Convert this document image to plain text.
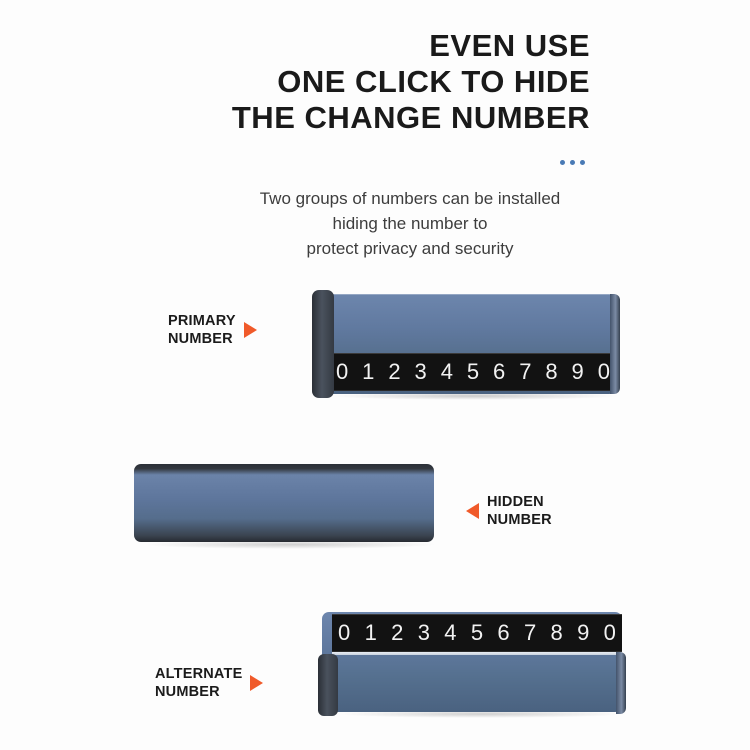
EVEN USE
ONE CLICK TO HIDE
THE CHANGE NUMBER
Two groups of numbers can be installed
hiding the number to
protect privacy and security
0 1 2 3 4 5 6 7 8 9 0
0 1 2 3 4 5 6 7 8 9 0
PRIMARY
NUMBER
HIDDEN
NUMBER
ALTERNATE
NUMBER
